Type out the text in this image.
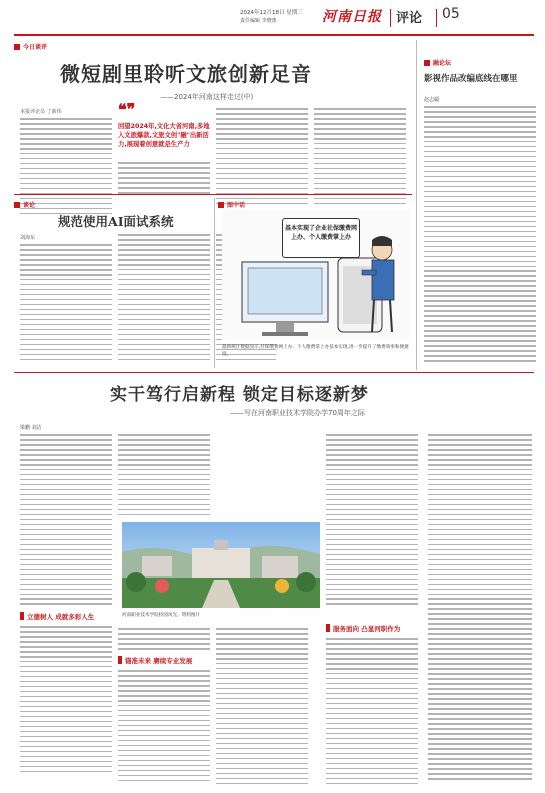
2024年12月18日 星期三
责任编辑 李晓蕾	河南日报 评论 05
今日谈评
微短剧里聆听文旅创新足音
——2024年河南这样走过(中)
本报评论员 丁新伟	❝❞
回望2024年,文化大省河南,多地入文旅爆款,文旅文创"融"出新活力,展现着创意就是生产力
融论坛
影视作品改编底线在哪里
赵志疆
谈论
规范使用AI面试系统
刘海东
图中话
基本实现了企业社保缴费网上办、个人缴费掌上办
最新统计数据显示,社保缴费网上办、个人缴费掌上办基本实现,进一步提升了缴费效率和便捷度。
实干笃行启新程 锁定目标逐新梦
——写在河南职业技术学院办学70周年之际
梁鹏 刘洁
立德树人 成就多彩人生	河南职业技术学院校园风光。资料图片
锚准未来 赓续专业发展
服务面向 凸显河职作为
